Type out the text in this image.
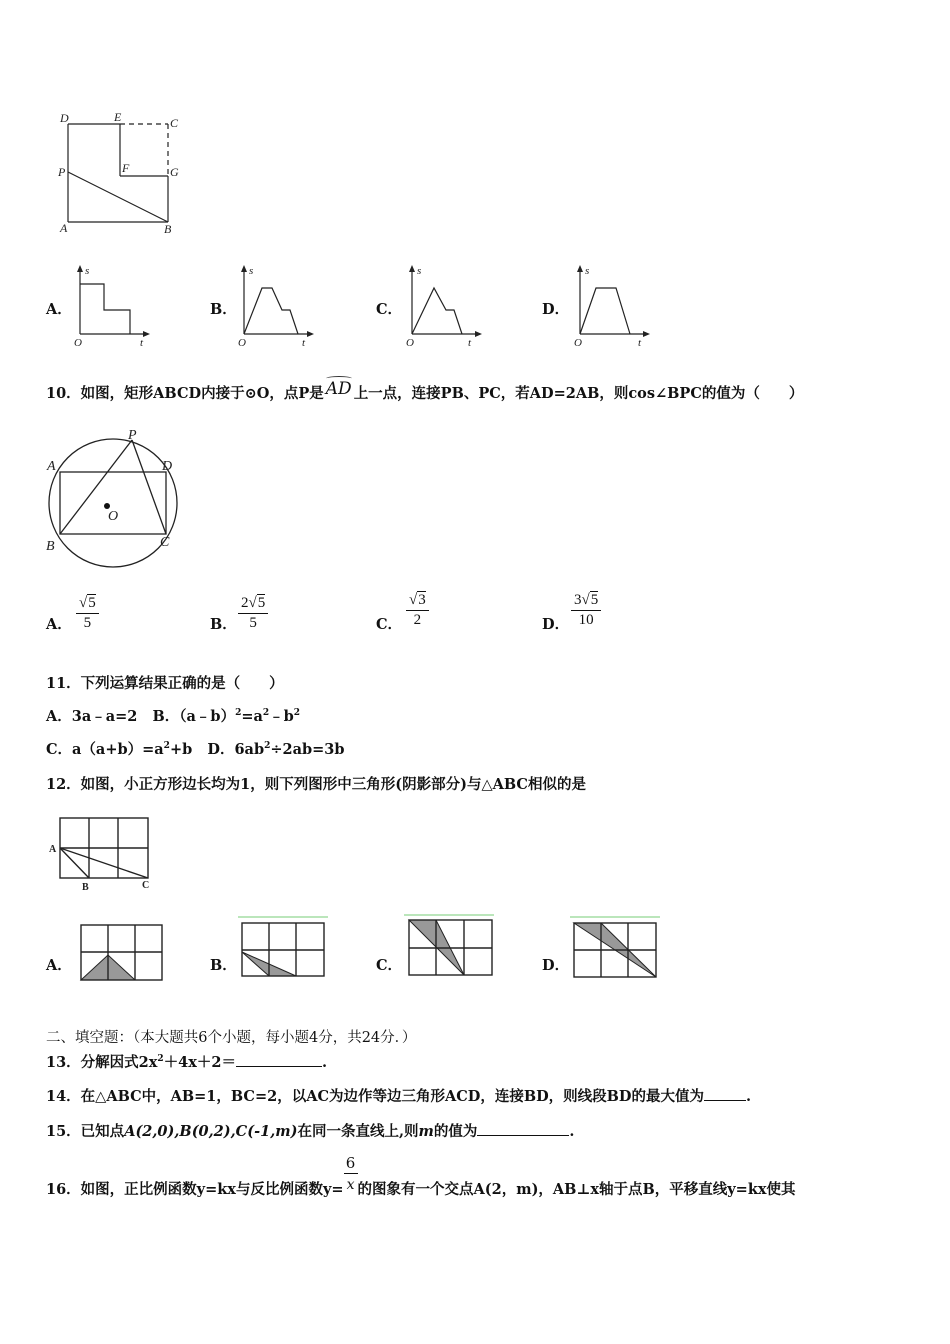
D	E	C
F	G
P
A	B
A．
s
t
O
B．
s
t
O
C．
s
t
O
D．
s
t
O
10．如图，矩形ABCD内接于⊙O，点P是 AD 上一点，连接PB、PC，若AD=2AB，则cos∠BPC的值为（　　）
P
A	D
O
B	C
A． $\frac{√5}{5}$	B． $\frac{2√5}{5}$	C． $\frac{√3}{2}$	D． $\frac{3√5}{10}$
11．下列运算结果正确的是（　　）
A．3a﹣a=2 B．$(a﹣b)^2=a^2﹣b^2$
C．$a(a+b)=a^2+b$ D．$6ab^2\div 2ab=3b$
12．如图，小正方形边长均为1，则下列图形中三角形(阴影部分)与△ABC相似的是
A
B	C
A．	B．	C．	D．
二、填空题：（本大题共6个小题，每小题4分，共24分．）
13．分解因式$2x^2+4x+2=$	.
14．在△ABC中，AB=1，BC=2，以AC为边作等边三角形ACD，连接BD，则线段BD的最大值为	.
15．已知点A(2,0),B(0,2),C(-1,m)在同一条直线上,则m的值为	.
16．如图，正比例函数y=kx与反比例函数$y= \frac{6}{x}$ 的图象有一个交点A(2，m)，AB⊥x轴于点B，平移直线y=kx使其
